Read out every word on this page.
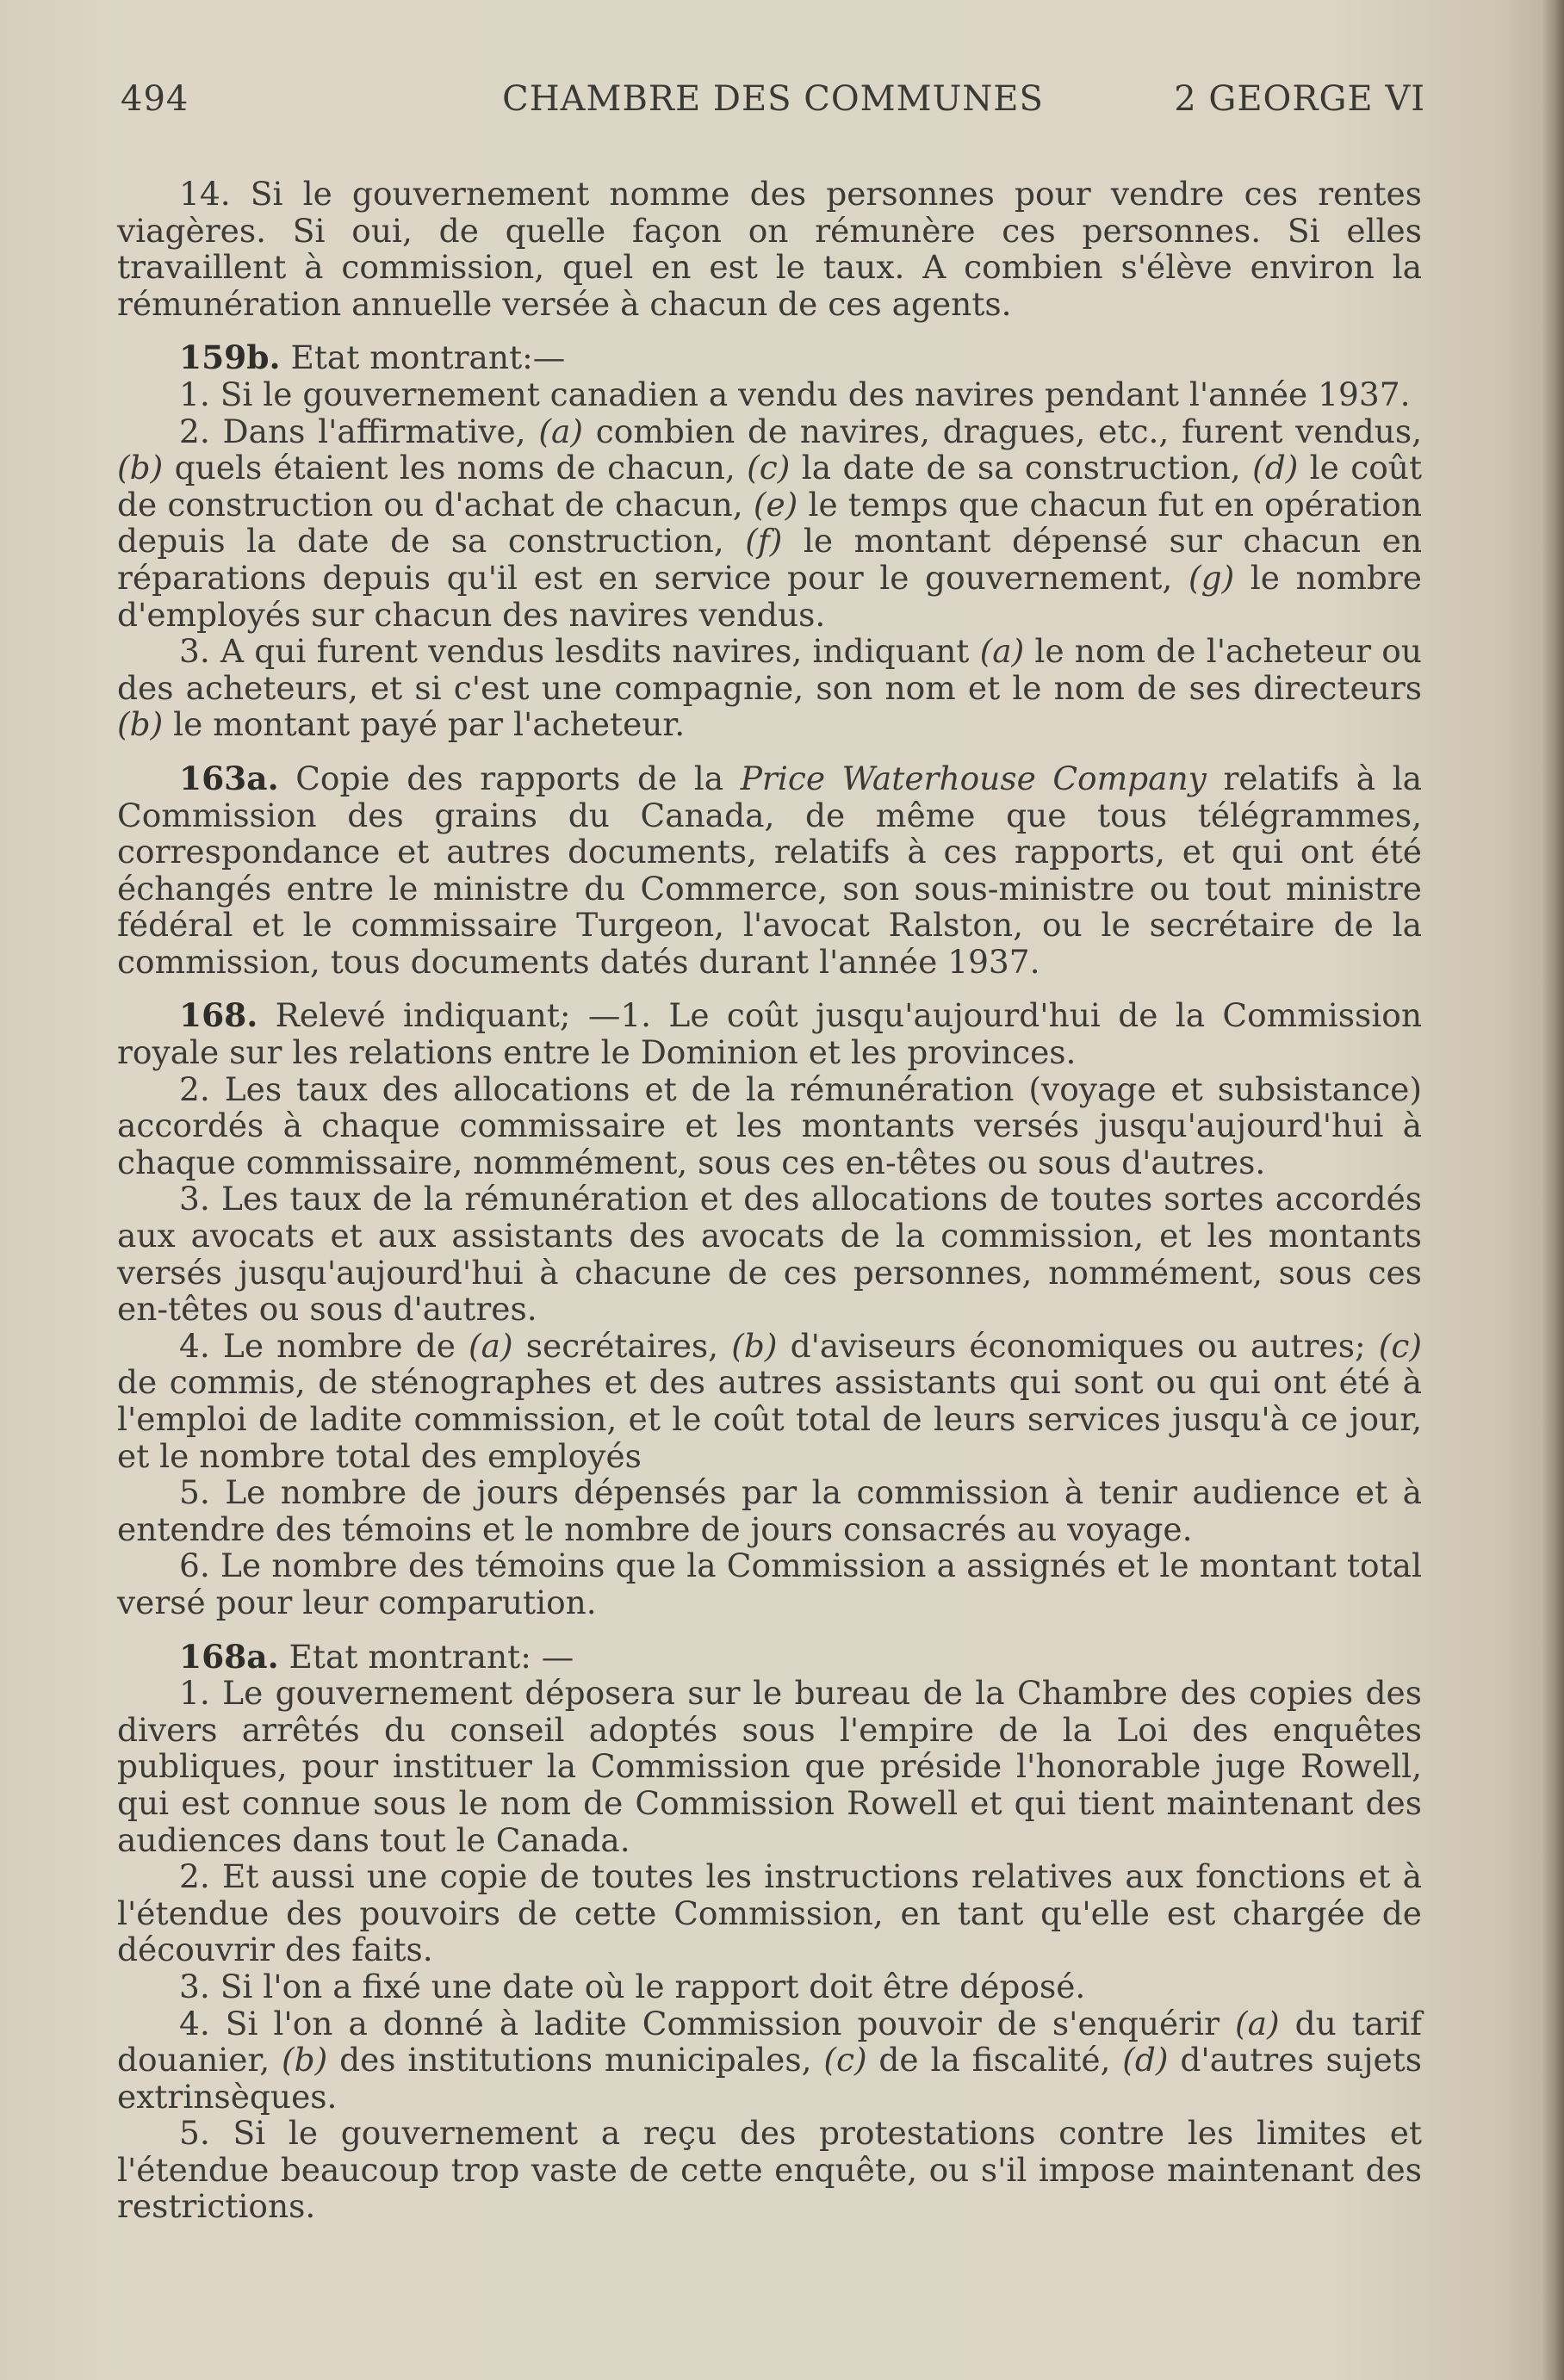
494	CHAMBRE DES COMMUNES	2 GEORGE VI

14. Si le gouvernement nomme des personnes pour vendre ces rentes viagères. Si oui, de quelle façon on rémunère ces personnes. Si elles travaillent à commission, quel en est le taux. A combien s'élève environ la rémunération annuelle versée à chacun de ces agents.

159b. Etat montrant:—

1. Si le gouvernement canadien a vendu des navires pendant l'année 1937.

2. Dans l'affirmative, (a) combien de navires, dragues, etc., furent vendus, (b) quels étaient les noms de chacun, (c) la date de sa construction, (d) le coût de construction ou d'achat de chacun, (e) le temps que chacun fut en opération depuis la date de sa construction, (f) le montant dépensé sur chacun en réparations depuis qu'il est en service pour le gouvernement, (g) le nombre d'employés sur chacun des navires vendus.

3. A qui furent vendus lesdits navires, indiquant (a) le nom de l'acheteur ou des acheteurs, et si c'est une compagnie, son nom et le nom de ses directeurs (b) le montant payé par l'acheteur.

163a. Copie des rapports de la Price Waterhouse Company relatifs à la Commission des grains du Canada, de même que tous télégrammes, correspondance et autres documents, relatifs à ces rapports, et qui ont été échangés entre le ministre du Commerce, son sous-ministre ou tout ministre fédéral et le commissaire Turgeon, l'avocat Ralston, ou le secrétaire de la commission, tous documents datés durant l'année 1937.

168. Relevé indiquant; —1. Le coût jusqu'aujourd'hui de la Commission royale sur les relations entre le Dominion et les provinces.

2. Les taux des allocations et de la rémunération (voyage et subsistance) accordés à chaque commissaire et les montants versés jusqu'aujourd'hui à chaque commissaire, nommément, sous ces en-têtes ou sous d'autres.

3. Les taux de la rémunération et des allocations de toutes sortes accordés aux avocats et aux assistants des avocats de la commission, et les montants versés jusqu'aujourd'hui à chacune de ces personnes, nommément, sous ces en-têtes ou sous d'autres.

4. Le nombre de (a) secrétaires, (b) d'aviseurs économiques ou autres; (c) de commis, de sténographes et des autres assistants qui sont ou qui ont été à l'emploi de ladite commission, et le coût total de leurs services jusqu'à ce jour, et le nombre total des employés

5. Le nombre de jours dépensés par la commission à tenir audience et à entendre des témoins et le nombre de jours consacrés au voyage.

6. Le nombre des témoins que la Commission a assignés et le montant total versé pour leur comparution.

168a. Etat montrant: —

1. Le gouvernement déposera sur le bureau de la Chambre des copies des divers arrêtés du conseil adoptés sous l'empire de la Loi des enquêtes publiques, pour instituer la Commission que préside l'honorable juge Rowell, qui est connue sous le nom de Commission Rowell et qui tient maintenant des audiences dans tout le Canada.

2. Et aussi une copie de toutes les instructions relatives aux fonctions et à l'étendue des pouvoirs de cette Commission, en tant qu'elle est chargée de découvrir des faits.

3. Si l'on a fixé une date où le rapport doit être déposé.

4. Si l'on a donné à ladite Commission pouvoir de s'enquérir (a) du tarif douanier, (b) des institutions municipales, (c) de la fiscalité, (d) d'autres sujets extrinsèques.

5. Si le gouvernement a reçu des protestations contre les limites et l'étendue beaucoup trop vaste de cette enquête, ou s'il impose maintenant des restrictions.
